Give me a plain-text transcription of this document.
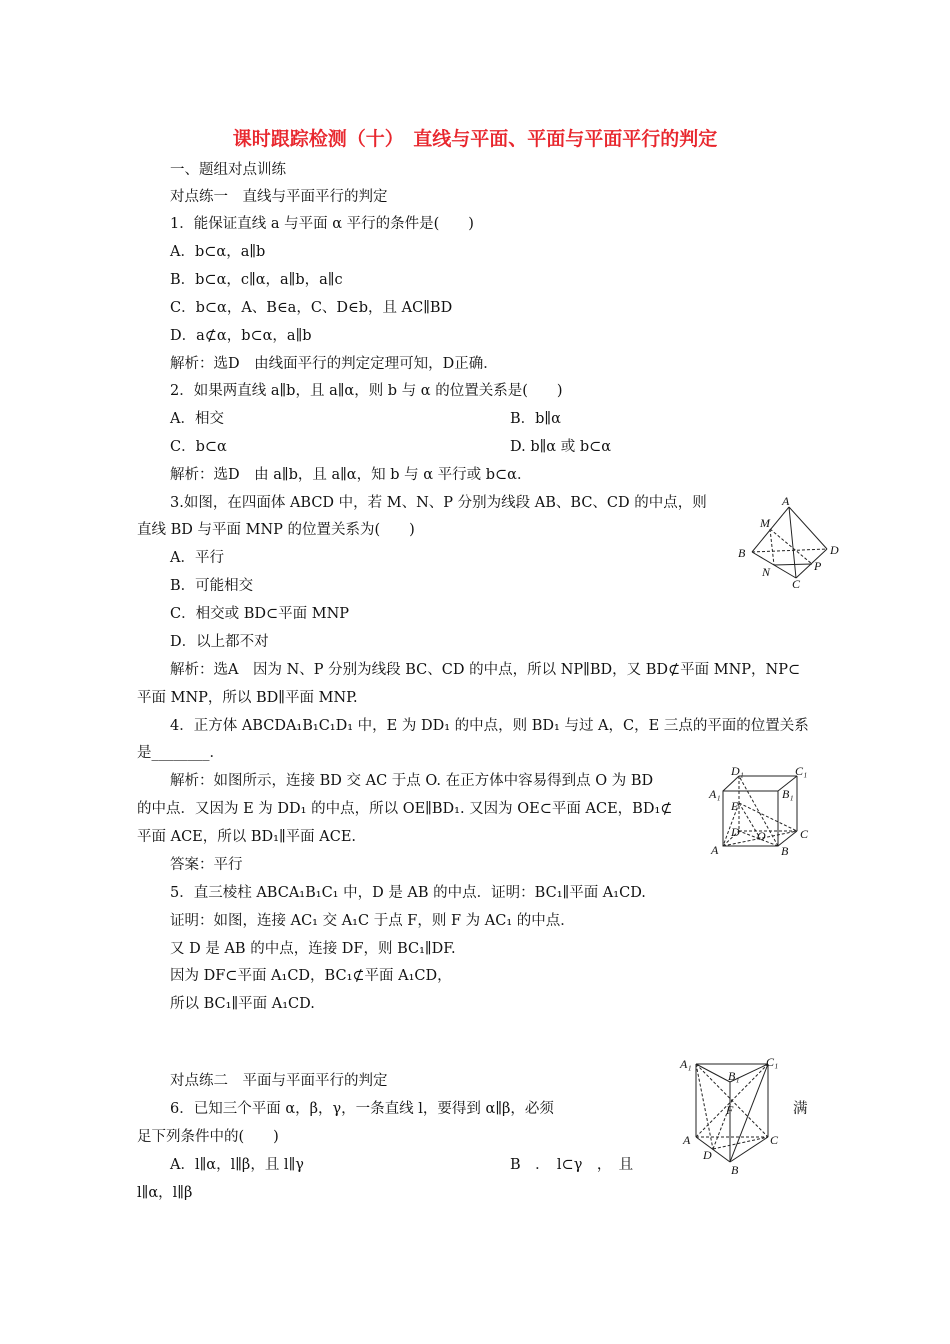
课时跟踪检测（十）　直线与平面、平面与平面平行的判定
一、题组对点训练
对点练一　直线与平面平行的判定
1．能保证直线 a 与平面 α 平行的条件是(　　)
A．b⊂α，a∥b
B．b⊂α，c∥α，a∥b，a∥c
C．b⊂α，A、B∈a，C、D∈b，且 AC∥BD
D．a⊄α，b⊂α，a∥b
解析：选D　由线面平行的判定定理可知，D正确．
2．如果两直线 a∥b，且 a∥α，则 b 与 α 的位置关系是(　　)
A．相交	B．b∥α
C．b⊂α	D. b∥α 或 b⊂α
解析：选D　由 a∥b，且 a∥α，知 b 与 α 平行或 b⊂α．
3.如图，在四面体 ABCD 中，若 M、N、P 分别为线段 AB、BC、CD 的中点，则
直线 BD 与平面 MNP 的位置关系为(　　)
A．平行
B．可能相交
C．相交或 BD⊂平面 MNP
D．以上都不对
解析：选A　因为 N、P 分别为线段 BC、CD 的中点，所以 NP∥BD，又 BD⊄平面 MNP，NP⊂
平面 MNP，所以 BD∥平面 MNP.
4．正方体 ABCDA₁B₁C₁D₁ 中，E 为 DD₁ 的中点，则 BD₁ 与过 A，C，E 三点的平面的位置关系
是________．
解析：如图所示，连接 BD 交 AC 于点 O. 在正方体中容易得到点 O 为 BD
的中点．又因为 E 为 DD₁ 的中点，所以 OE∥BD₁. 又因为 OE⊂平面 ACE，BD₁⊄
平面 ACE，所以 BD₁∥平面 ACE.
答案：平行
5．直三棱柱 ABCA₁B₁C₁ 中，D 是 AB 的中点．证明：BC₁∥平面 A₁CD.
证明：如图，连接 AC₁ 交 A₁C 于点 F，则 F 为 AC₁ 的中点．
又 D 是 AB 的中点，连接 DF，则 BC₁∥DF.
因为 DF⊂平面 A₁CD，BC₁⊄平面 A₁CD，
所以 BC₁∥平面 A₁CD.
对点练二　平面与平面平行的判定
6．已知三个平面 α，β，γ，一条直线 l，要得到 α∥β，必须	满
足下列条件中的(　　)
A．l∥α，l∥β，且 l∥γ	B　．　l⊂γ　，　且
l∥α，l∥β
A
M
B	D
N	P
C
D₁	C₁
A₁	B₁
E
D O	C
A	B
A₁	C₁
B₁
F
A	C
D
B
